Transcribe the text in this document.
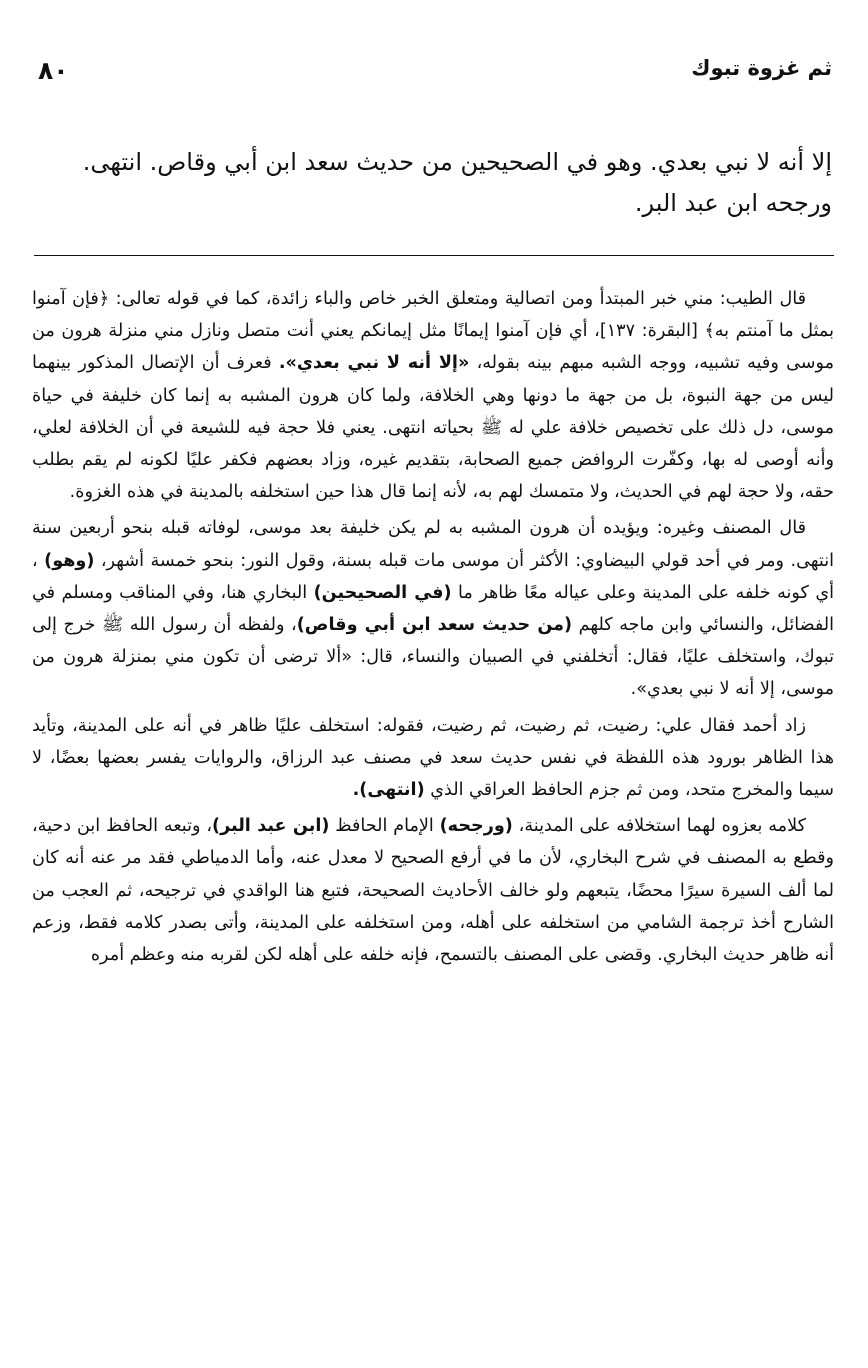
ثم غزوة تبوك
٨٠

إلا أنه لا نبي بعدي. وهو في الصحيحين من حديث سعد ابن أبي وقاص. انتهى.

ورجحه ابن عبد البر.

قال الطيب: مني خبر المبتدأ ومن اتصالية ومتعلق الخبر خاص والباء زائدة، كما في قوله تعالى: ﴿فإن آمنوا بمثل ما آمنتم به﴾ [البقرة: ١٣٧]، أي فإن آمنوا إيمانًا مثل إيمانكم يعني أنت متصل ونازل مني منزلة هرون من موسى وفيه تشبيه، ووجه الشبه مبهم بينه بقوله، «إلا أنه لا نبي بعدي». فعرف أن الإتصال المذكور بينهما ليس من جهة النبوة، بل من جهة ما دونها وهي الخلافة، ولما كان هرون المشبه به إنما كان خليفة في حياة موسى، دل ذلك على تخصيص خلافة علي له ﷺ بحياته انتهى. يعني فلا حجة فيه للشيعة في أن الخلافة لعلي، وأنه أوصى له بها، وكفّرت الروافض جميع الصحابة، بتقديم غيره، وزاد بعضهم فكفر عليًا لكونه لم يقم بطلب حقه، ولا حجة لهم في الحديث، ولا متمسك لهم به، لأنه إنما قال هذا حين استخلفه بالمدينة في هذه الغزوة.

قال المصنف وغيره: ويؤيده أن هرون المشبه به لم يكن خليفة بعد موسى، لوفاته قبله بنحو أربعين سنة انتهى. ومر في أحد قولي البيضاوي: الأكثر أن موسى مات قبله بسنة، وقول النور: بنحو خمسة أشهر، (وهو) ، أي كونه خلفه على المدينة وعلى عياله معًا ظاهر ما (في الصحيحين) البخاري هنا، وفي المناقب ومسلم في الفضائل، والنسائي وابن ماجه كلهم (من حديث سعد ابن أبي وقاص)، ولفظه أن رسول الله ﷺ خرج إلى تبوك، واستخلف عليًا، فقال: أتخلفني في الصبيان والنساء، قال: «ألا ترضى أن تكون مني بمنزلة هرون من موسى، إلا أنه لا نبي بعدي».

زاد أحمد فقال علي: رضيت، ثم رضيت، ثم رضيت، فقوله: استخلف عليًا ظاهر في أنه على المدينة، وتأيد هذا الظاهر بورود هذه اللفظة في نفس حديث سعد في مصنف عبد الرزاق، والروايات يفسر بعضها بعضًا، لا سيما والمخرج متحد، ومن ثم جزم الحافظ العراقي الذي (انتهى).

كلامه بعزوه لهما استخلافه على المدينة، (ورجحه) الإمام الحافظ (ابن عبد البر)، وتبعه الحافظ ابن دحية، وقطع به المصنف في شرح البخاري، لأن ما في أرفع الصحيح لا معدل عنه، وأما الدمياطي فقد مر عنه أنه كان لما ألف السيرة سيرًا محضًا، يتبعهم ولو خالف الأحاديث الصحيحة، فتبع هنا الواقدي في ترجيحه، ثم العجب من الشارح أخذ ترجمة الشامي من استخلفه على أهله، ومن استخلفه على المدينة، وأتى بصدر كلامه فقط، وزعم أنه ظاهر حديث البخاري. وقضى على المصنف بالتسمح، فإنه خلفه على أهله لكن لقربه منه وعظم أمره
